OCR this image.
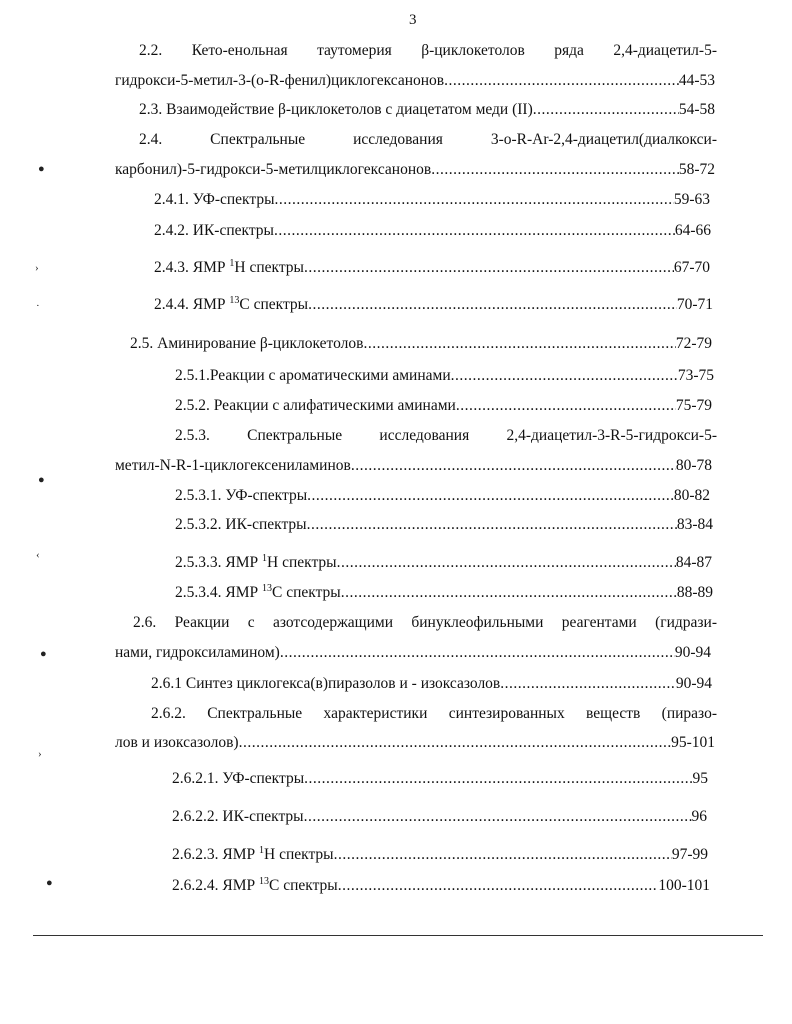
3
2.2. Кето-енольная таутомерия β-циклокетолов ряда 2,4-диацетил-5-
гидрокси-5-метил-3-(o-R-фенил)циклогексанонов .....	44-53
2.3. Взаимодействие β-циклокетолов с диацетатом меди (II) .....	54-58
2.4. Спектральные исследования 3-o-R-Ar-2,4-диацетил(диалкокси-
карбонил)-5-гидрокси-5-метилциклогексанонов .....	58-72
2.4.1. УФ-спектры .....	59-63
2.4.2. ИК-спектры .....	64-66
2.4.3. ЯМР $^1$Н спектры .....	67-70
2.4.4. ЯМР $^{13}$С спектры .....	70-71
2.5. Аминирование β-циклокетолов .....	72-79
2.5.1.Реакции с ароматическими аминами .....	73-75
2.5.2. Реакции с алифатическими аминами .....	75-79
2.5.3. Спектральные исследования 2,4-диацетил-3-R-5-гидрокси-5-
метил-N-R-1-циклогексениламинов .....	80-78
2.5.3.1. УФ-спектры .....	80-82
2.5.3.2. ИК-спектры .....	83-84
2.5.3.3. ЯМР $^1$Н спектры .....	84-87
2.5.3.4. ЯМР $^{13}$С спектры .....	88-89
2.6. Реакции с азотсодержащими бинуклеофильными реагентами (гидрази-
нами, гидроксиламином) .....	90-94
2.6.1 Синтез циклогекса(в)пиразолов и - изоксазолов .....	90-94
2.6.2. Спектральные характеристики синтезированных веществ (пиразо-
лов и изоксазолов) .....	95-101
2.6.2.1. УФ-спектры .....	95
2.6.2.2. ИК-спектры .....	96
2.6.2.3. ЯМР $^1$Н спектры .....	97-99
2.6.2.4. ЯМР $^{13}$С спектры .....	100-101
●
›
·
●
‹
●
›
●
